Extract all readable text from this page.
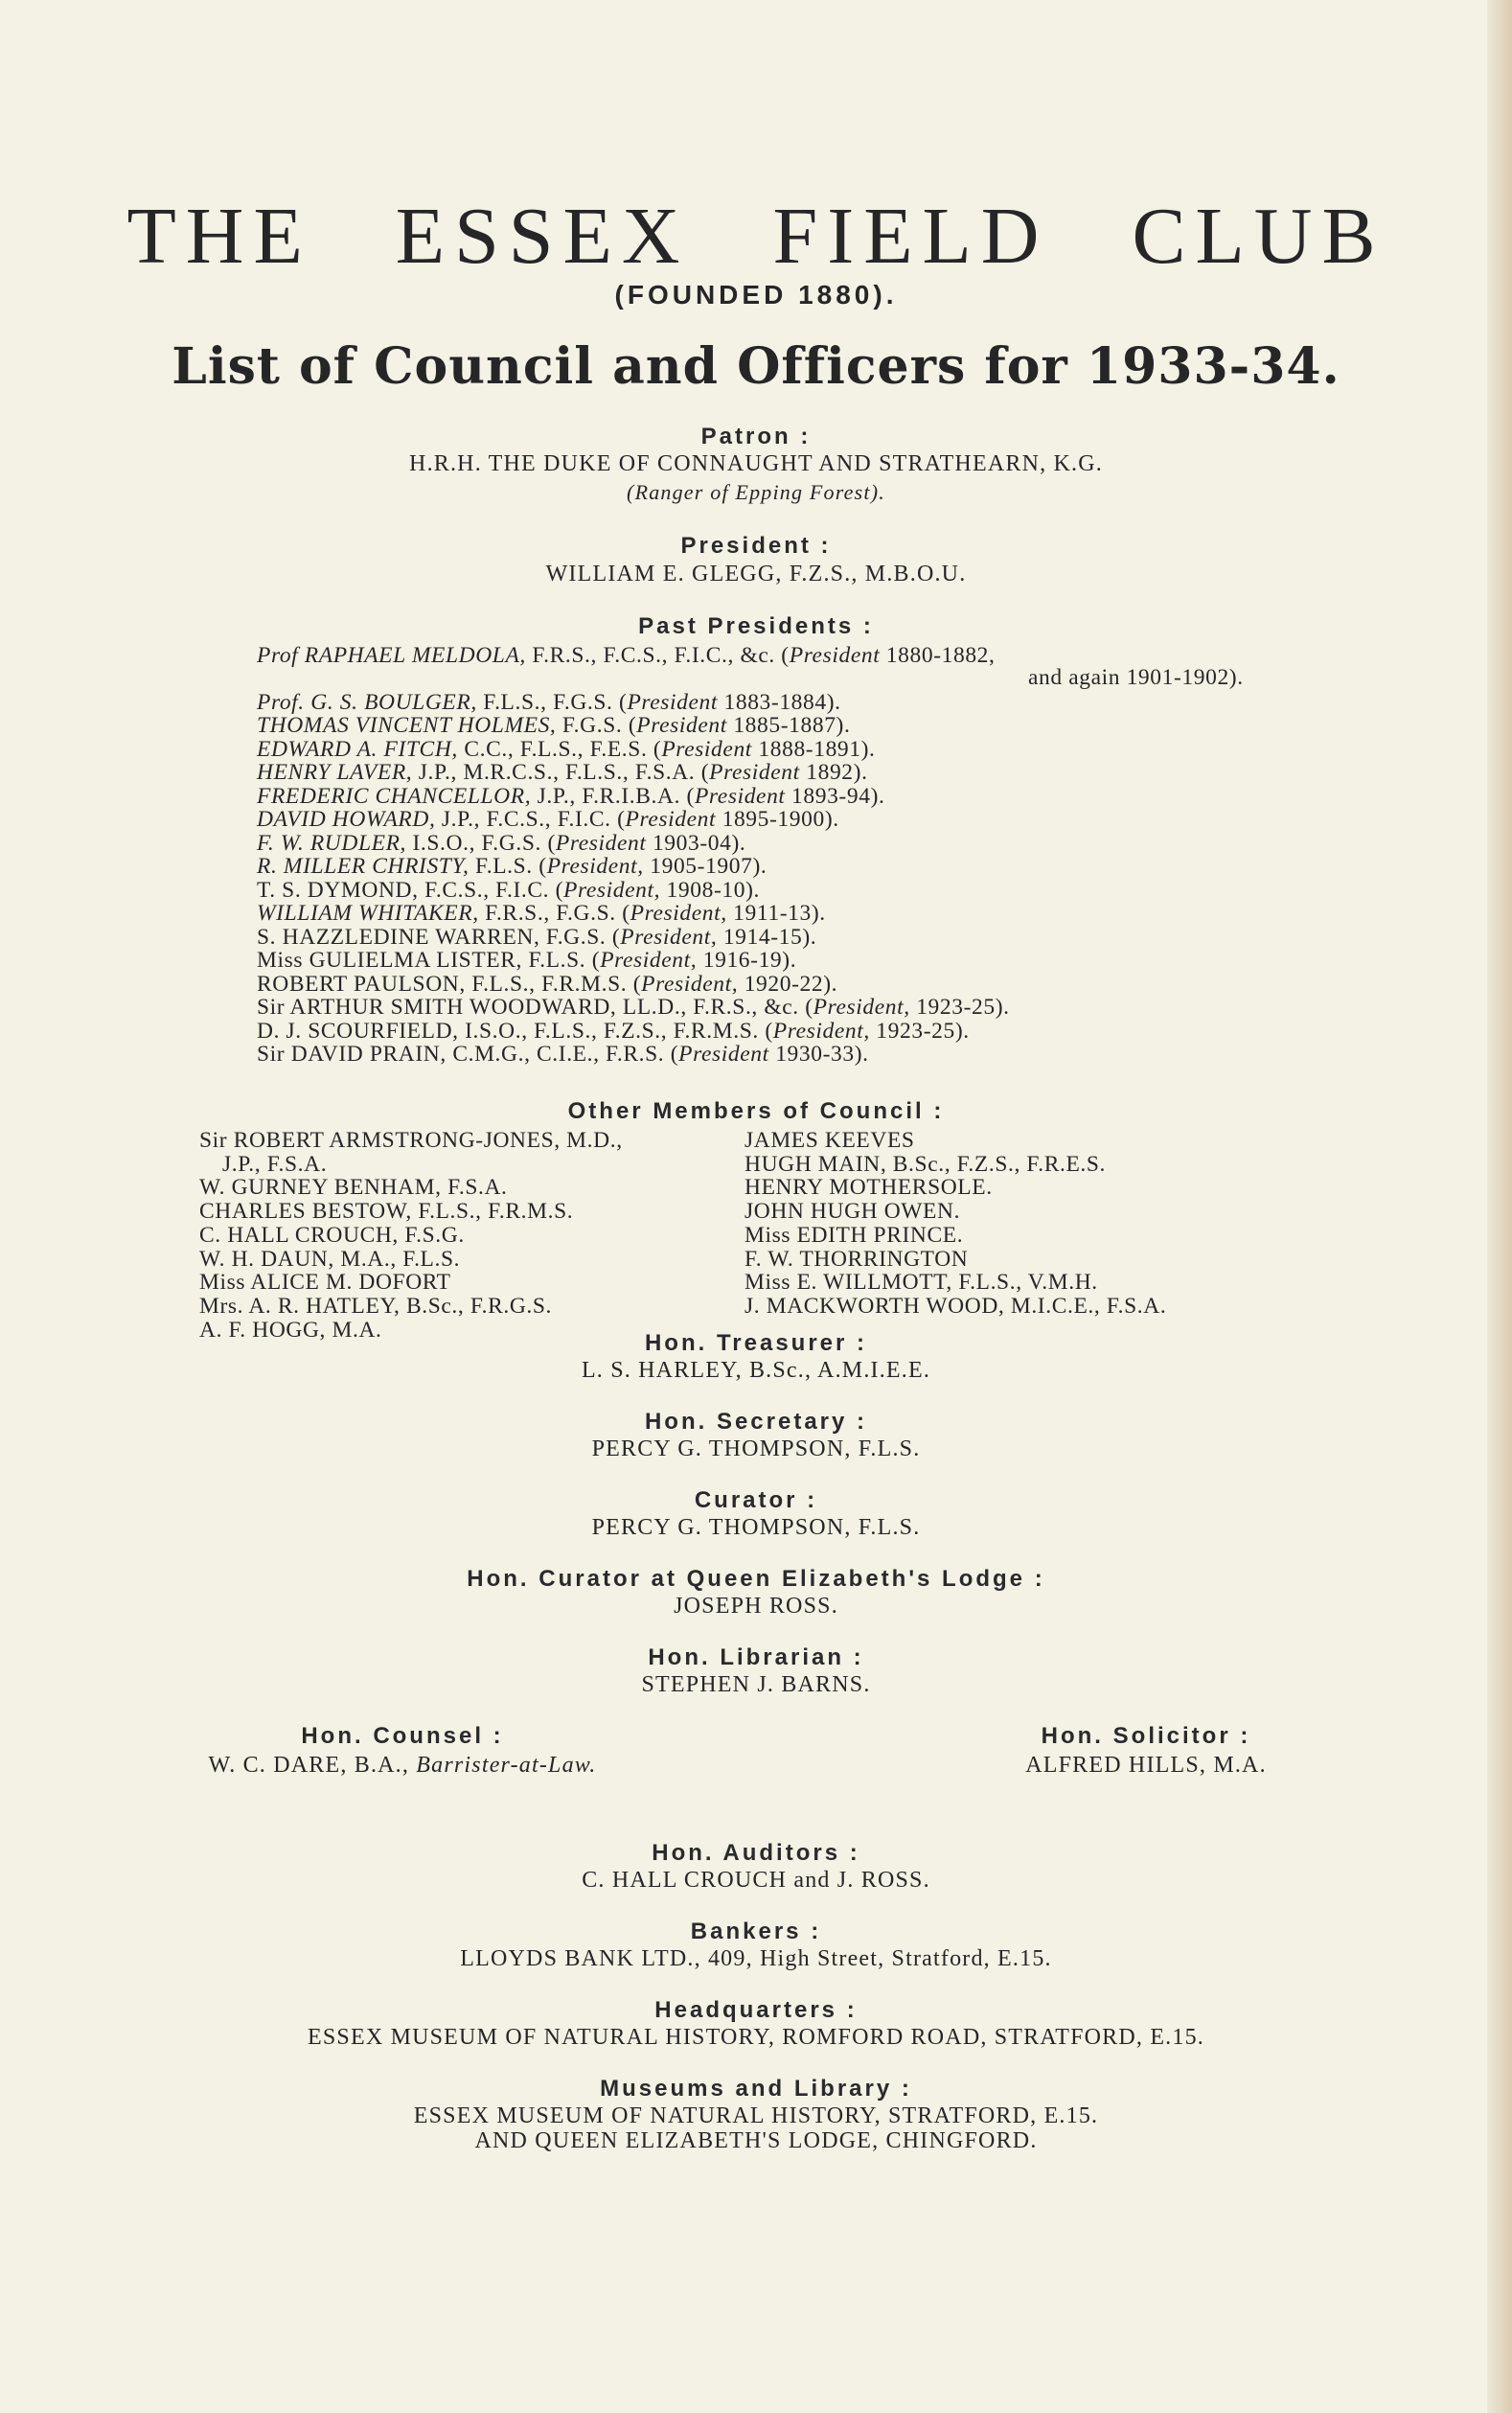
THE ESSEX FIELD CLUB
(FOUNDED 1880).
List of Council and Officers for 1933-34.
Patron :
H.R.H. THE DUKE OF CONNAUGHT AND STRATHEARN, K.G.
(Ranger of Epping Forest).
President :
WILLIAM E. GLEGG, F.Z.S., M.B.O.U.
Past Presidents :
Prof RAPHAEL MELDOLA, F.R.S., F.C.S., F.I.C., &c. (President 1880-1882,
Prof. G. S. BOULGER, F.L.S., F.G.S. (President 1883-1884).
THOMAS VINCENT HOLMES, F.G.S. (President 1885-1887).
EDWARD A. FITCH, C.C., F.L.S., F.E.S. (President 1888-1891).
HENRY LAVER, J.P., M.R.C.S., F.L.S., F.S.A. (President 1892).
FREDERIC CHANCELLOR, J.P., F.R.I.B.A. (President 1893-94).
DAVID HOWARD, J.P., F.C.S., F.I.C. (President 1895-1900).
F. W. RUDLER, I.S.O., F.G.S. (President 1903-04).
R. MILLER CHRISTY, F.L.S. (President, 1905-1907).
T. S. DYMOND, F.C.S., F.I.C. (President, 1908-10).
WILLIAM WHITAKER, F.R.S., F.G.S. (President, 1911-13).
S. HAZZLEDINE WARREN, F.G.S. (President, 1914-15).
Miss GULIELMA LISTER, F.L.S. (President, 1916-19).
ROBERT PAULSON, F.L.S., F.R.M.S. (President, 1920-22).
Sir ARTHUR SMITH WOODWARD, LL.D., F.R.S., &c. (President, 1923-25).
D. J. SCOURFIELD, I.S.O., F.L.S., F.Z.S., F.R.M.S. (President, 1923-25).
Sir DAVID PRAIN, C.M.G., C.I.E., F.R.S. (President 1930-33).
and again 1901-1902).
Other Members of Council :
Sir ROBERT ARMSTRONG-JONES, M.D.,
J.P., F.S.A.
W. GURNEY BENHAM, F.S.A.
CHARLES BESTOW, F.L.S., F.R.M.S.
C. HALL CROUCH, F.S.G.
W. H. DAUN, M.A., F.L.S.
Miss ALICE M. DOFORT
Mrs. A. R. HATLEY, B.Sc., F.R.G.S.
A. F. HOGG, M.A.
JAMES KEEVES
HUGH MAIN, B.Sc., F.Z.S., F.R.E.S.
HENRY MOTHERSOLE.
JOHN HUGH OWEN.
Miss EDITH PRINCE.
F. W. THORRINGTON
Miss E. WILLMOTT, F.L.S., V.M.H.
J. MACKWORTH WOOD, M.I.C.E., F.S.A.
Hon. Treasurer :
L. S. HARLEY, B.Sc., A.M.I.E.E.
Hon. Secretary :
PERCY G. THOMPSON, F.L.S.
Curator :
PERCY G. THOMPSON, F.L.S.
Hon. Curator at Queen Elizabeth's Lodge :
JOSEPH ROSS.
Hon. Librarian :
STEPHEN J. BARNS.
Hon. Counsel :
W. C. DARE, B.A., Barrister-at-Law.
Hon. Solicitor :
ALFRED HILLS, M.A.
Hon. Auditors :
C. HALL CROUCH and J. ROSS.
Bankers :
LLOYDS BANK LTD., 409, High Street, Stratford, E.15.
Headquarters :
ESSEX MUSEUM OF NATURAL HISTORY, ROMFORD ROAD, STRATFORD, E.15.
Museums and Library :
ESSEX MUSEUM OF NATURAL HISTORY, STRATFORD, E.15.
AND QUEEN ELIZABETH'S LODGE, CHINGFORD.
